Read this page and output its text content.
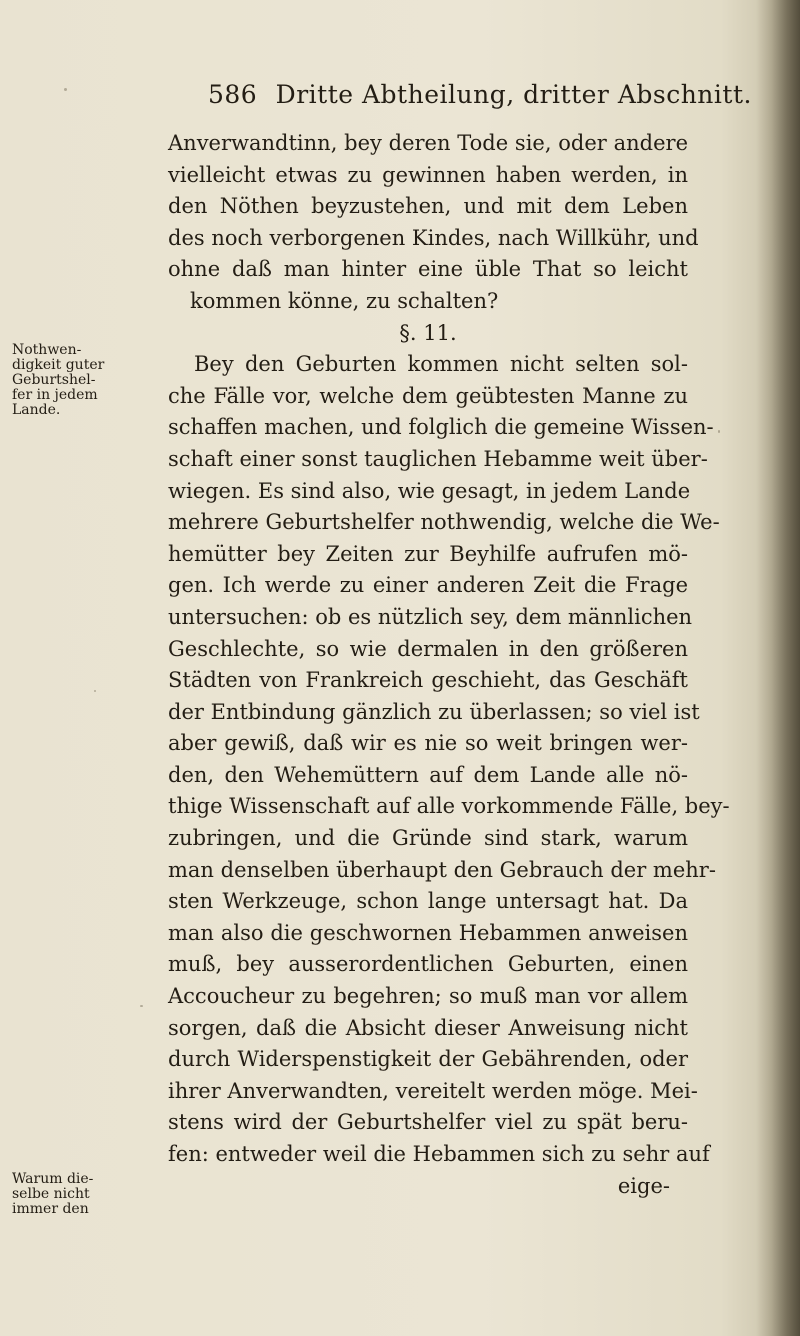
586 Dritte Abtheilung, dritter Abschnitt.
Nothwen-
digkeit guter
Geburtshel-
fer in jedem
Lande.
Warum die-
selbe nicht
immer den
Anverwandtinn, bey deren Tode sie, oder andere
vielleicht etwas zu gewinnen haben werden, in
den Nöthen beyzustehen, und mit dem Leben
des noch verborgenen Kindes, nach Willkühr, und
ohne daß man hinter eine üble That so leicht
kommen könne, zu schalten?
§. 11.
Bey den Geburten kommen nicht selten sol-
che Fälle vor, welche dem geübtesten Manne zu
schaffen machen, und folglich die gemeine Wissen-
schaft einer sonst tauglichen Hebamme weit über-
wiegen. Es sind also, wie gesagt, in jedem Lande
mehrere Geburtshelfer nothwendig, welche die We-
hemütter bey Zeiten zur Beyhilfe aufrufen mö-
gen. Ich werde zu einer anderen Zeit die Frage
untersuchen: ob es nützlich sey, dem männlichen
Geschlechte, so wie dermalen in den größeren
Städten von Frankreich geschieht, das Geschäft
der Entbindung gänzlich zu überlassen; so viel ist
aber gewiß, daß wir es nie so weit bringen wer-
den, den Wehemüttern auf dem Lande alle nö-
thige Wissenschaft auf alle vorkommende Fälle, bey-
zubringen, und die Gründe sind stark, warum
man denselben überhaupt den Gebrauch der mehr-
sten Werkzeuge, schon lange untersagt hat. Da
man also die geschwornen Hebammen anweisen
muß, bey ausserordentlichen Geburten, einen
Accoucheur zu begehren; so muß man vor allem
sorgen, daß die Absicht dieser Anweisung nicht
durch Widerspenstigkeit der Gebährenden, oder
ihrer Anverwandten, vereitelt werden möge. Mei-
stens wird der Geburtshelfer viel zu spät beru-
fen: entweder weil die Hebammen sich zu sehr auf
eige-
